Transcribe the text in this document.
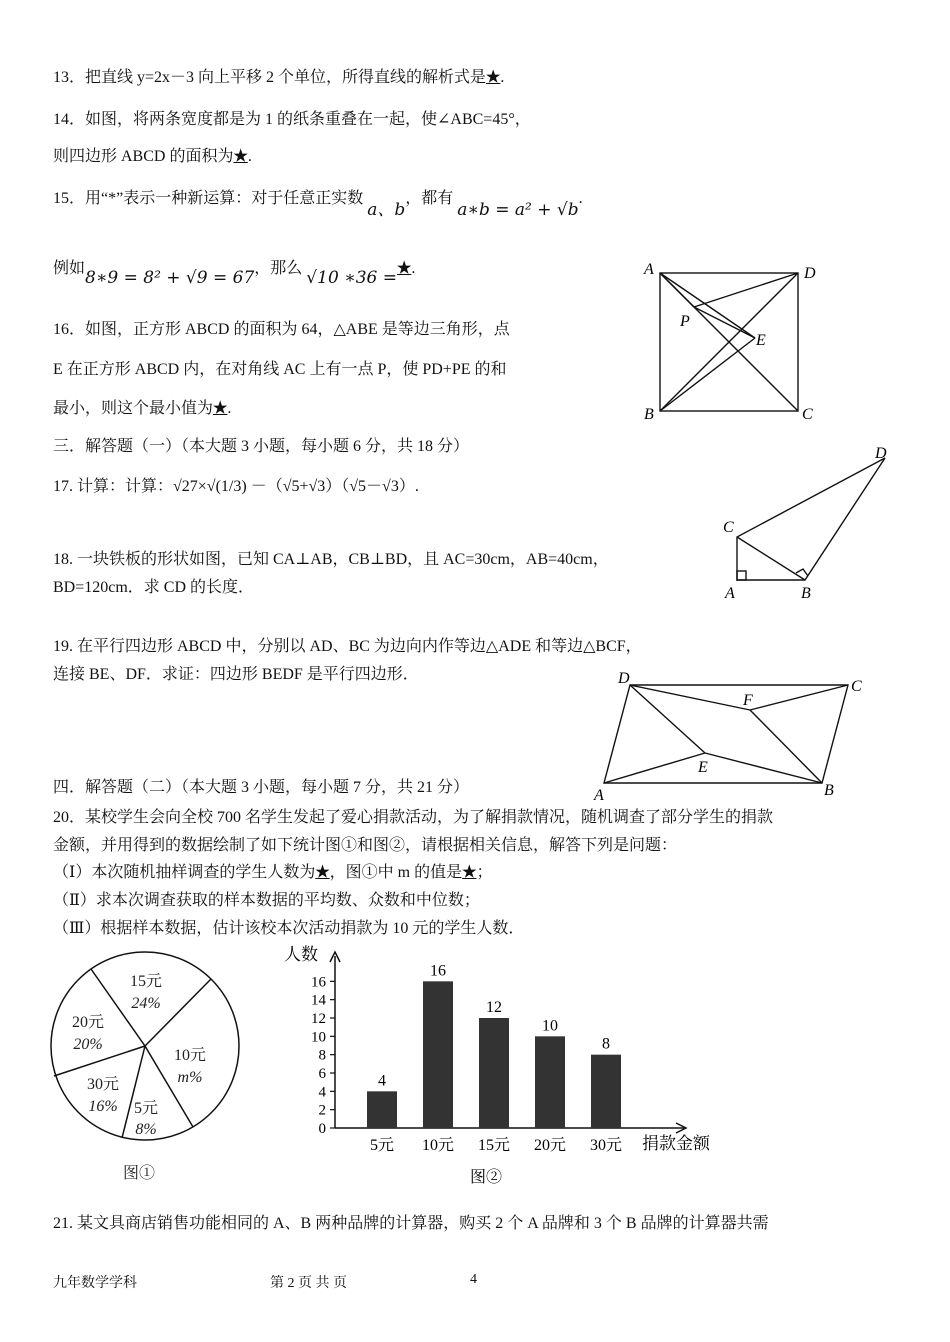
13．把直线 y=2x－3 向上平移 2 个单位，所得直线的解析式是★.
14．如图，将两条宽度都是为 1 的纸条重叠在一起，使∠ABC=45°，
则四边形 ABCD 的面积为★.
15．用“*”表示一种新运算：对于任意正实数 a、b，都有 a∗b = a² + √b.
例如8∗9 = 8² + √9 = 67，那么 √10 ∗36 =★.
16．如图，正方形 ABCD 的面积为 64，△ABE 是等边三角形，点
E 在正方形 ABCD 内，在对角线 AC 上有一点 P，使 PD+PE 的和
最小，则这个最小值为★.
A	D
B	C
P
E
三．解答题（一）（本大题 3 小题，每小题 6 分，共 18 分）
17. 计算：计算：√27×√(1/3) －（√5+√3）（√5－√3）.
C
D
A	B
18. 一块铁板的形状如图，已知 CA⊥AB，CB⊥BD，且 AC=30cm，AB=40cm，
BD=120cm．求 CD 的长度．
19. 在平行四边形 ABCD 中，分别以 AD、BC 为边向内作等边△ADE 和等边△BCF，
连接 BE、DF．求证：四边形 BEDF 是平行四边形．	D	C
A	B
F
E
四．解答题（二）（本大题 3 小题，每小题 7 分，共 21 分）
20．某校学生会向全校 700 名学生发起了爱心捐款活动，为了解捐款情况，随机调查了部分学生的捐款
金额，并用得到的数据绘制了如下统计图①和图②，请根据相关信息，解答下列是问题：
（Ⅰ）本次随机抽样调查的学生人数为★，图①中 m 的值是★；
（Ⅱ）求本次调查获取的样本数据的平均数、众数和中位数；
（Ⅲ）根据样本数据，估计该校本次活动捐款为 10 元的学生人数．
15元
24%
10元
m%
5元
8%
30元
16%
20元
20%
图①
0
2
4
6
8
10
12
14
16
4
5元
16
10元
12
15元
10
20元
8
30元
人数
捐款金额
图②
21. 某文具商店销售功能相同的 A、B 两种品牌的计算器，购买 2 个 A 品牌和 3 个 B 品牌的计算器共需
九年数学学科	第 2 页 共 页	4
